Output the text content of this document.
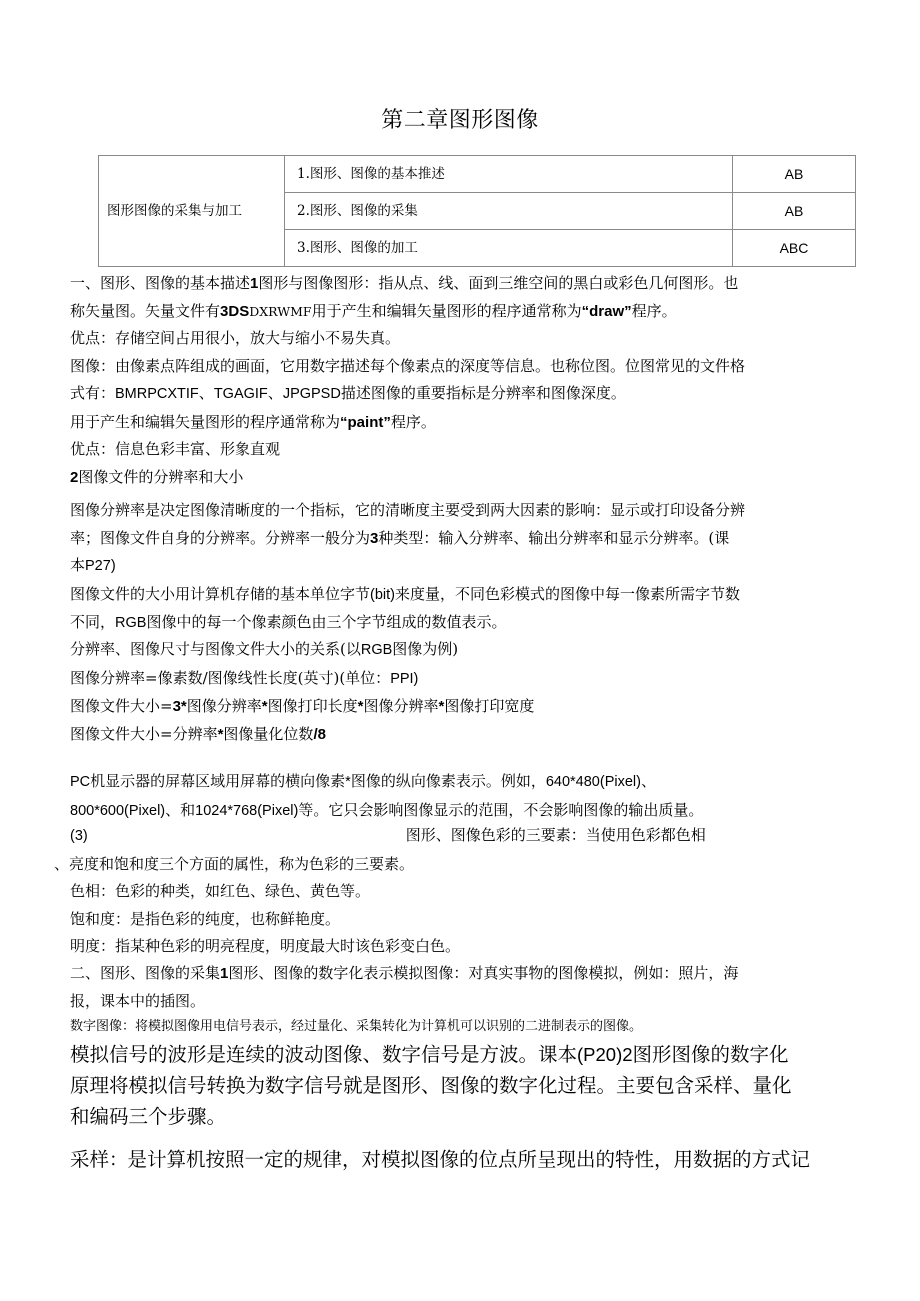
第二章图形图像
图形图像的采集与加工	1.图形、图像的基本推述	AB
	2.图形、图像的采集	AB
	3.图形、图像的加工	ABC

一、图形、图像的基本描述1图形与图像图形：指从点、线、面到三维空间的黑白或彩色几何图形。也

称矢量图。矢量文件有3DSDXRWMF用于产生和编辑矢量图形的程序通常称为“draw”程序。

优点：存储空间占用很小，放大与缩小不易失真。

图像：由像素点阵组成的画面，它用数字描述每个像素点的深度等信息。也称位图。位图常见的文件格

式有：BMRPCXTIF、TGAGIF、JPGPSD描述图像的重要指标是分辨率和图像深度。

用于产生和编辑矢量图形的程序通常称为“paint”程序。

优点：信息色彩丰富、形象直观

2图像文件的分辨率和大小

图像分辨率是决定图像清晰度的一个指标，它的清晰度主要受到两大因素的影响：显示或打印设备分辨

率；图像文件自身的分辨率。分辨率一般分为3种类型：输入分辨率、输出分辨率和显示分辨率。(课

本P27)

图像文件的大小用计算机存储的基本单位字节(bit)来度量，不同色彩模式的图像中每一像素所需字节数

不同，RGB图像中的每一个像素颜色由三个字节组成的数值表示。

分辨率、图像尺寸与图像文件大小的关系(以RGB图像为例)

图像分辨率=像素数/图像线性长度(英寸)(单位：PPI)

图像文件大小=3*图像分辨率*图像打印长度*图像分辨率*图像打印宽度

图像文件大小=分辨率*图像量化位数/8

PC机显示器的屏幕区域用屏幕的横向像素*图像的纵向像素表示。例如，640*480(Pixel)、

800*600(Pixel)、和1024*768(Pixel)等。它只会影响图像显示的范围，不会影响图像的输出质量。

(3)	图形、图像色彩的三要素：当使用色彩都色相

、亮度和饱和度三个方面的属性，称为色彩的三要素。

色相：色彩的种类，如红色、绿色、黄色等。

饱和度：是指色彩的纯度，也称鲜艳度。

明度：指某种色彩的明亮程度，明度最大时该色彩变白色。

二、图形、图像的采集1图形、图像的数字化表示模拟图像：对真实事物的图像模拟，例如：照片，海

报，课本中的插图。

数字图像：将模拟图像用电信号表示，经过量化、采集转化为计算机可以识别的二进制表示的图像。

模拟信号的波形是连续的波动图像、数字信号是方波。课本(P20)2图形图像的数字化

原理将模拟信号转换为数字信号就是图形、图像的数字化过程。主要包含采样、量化

和编码三个步骤。

采样：是计算机按照一定的规律，对模拟图像的位点所呈现出的特性，用数据的方式记
